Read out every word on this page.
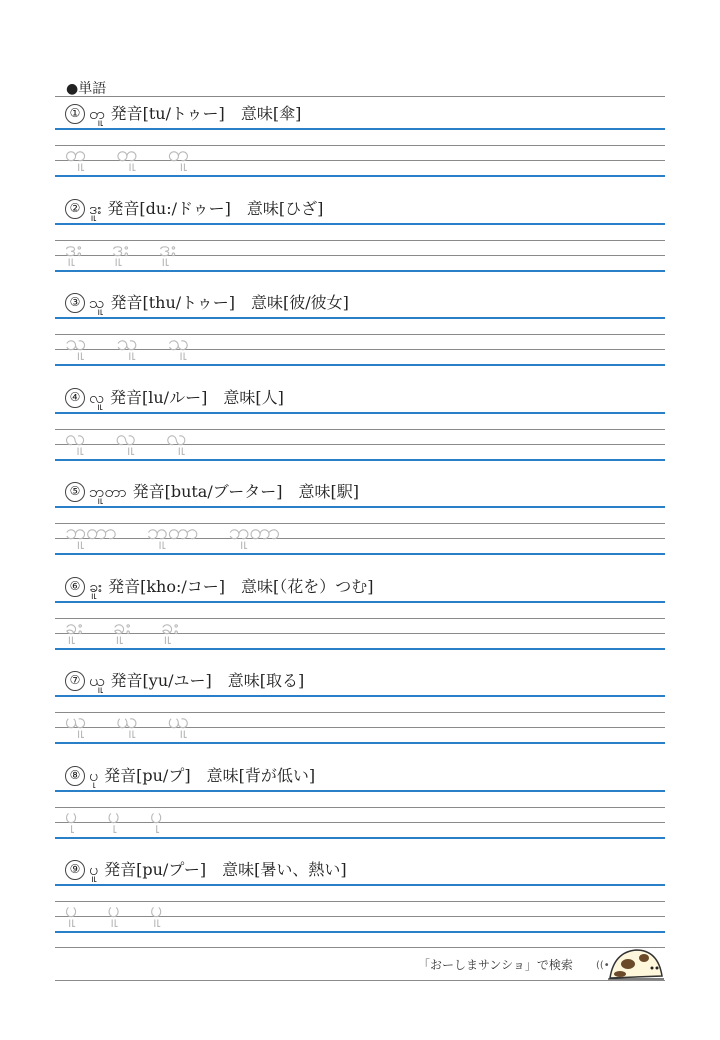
●単語
① တူ 発音[tu/トゥー]  意味[傘]
တူ တူ တူ
② ဒူး 発音[du:/ドゥー]  意味[ひざ]
ဒူး ဒူး ဒူး
③ သူ 発音[thu/トゥー]  意味[彼/彼女]
သူ သူ သူ
④ လူ 発音[lu/ルー]  意味[人]
လူ လူ လူ
⑤ ဘူတာ 発音[buta/ブーター]  意味[駅]
ဘူတာ ဘူတာ ဘူတာ
⑥ ခူး 発音[kho:/コー]  意味[（花を）つむ]
ခူး ခူး ခူး
⑦ ယူ 発音[yu/ユー]  意味[取る]
ယူ ယူ ယူ
⑧ ပု 発音[pu/プ]  意味[背が低い]
ပု ပု ပု
⑨ ပူ 発音[pu/プー]  意味[暑い、熱い]
ပူ ပူ ပူ
「おーしまサンショ」で検索 ((•
